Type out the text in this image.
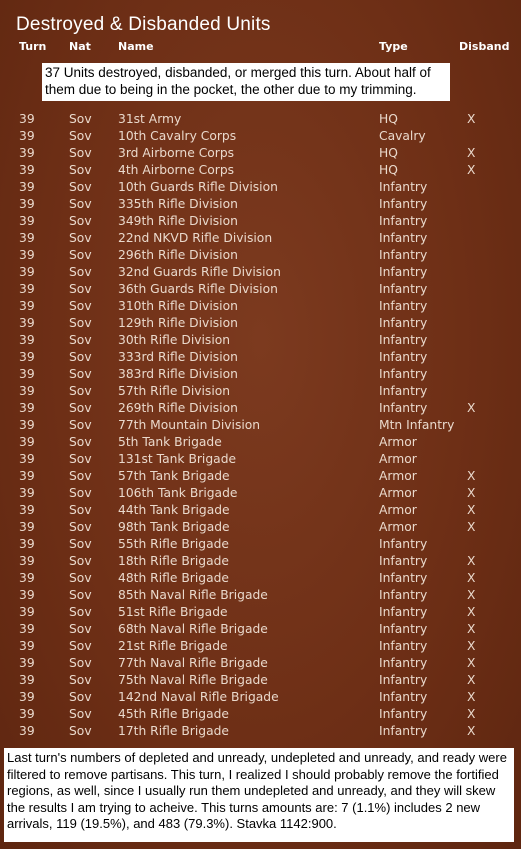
Destroyed & Disbanded Units
Turn Nat Name	Type	Disband
37 Units destroyed, disbanded, or merged this turn. About half of them due to being in the pocket, the other due to my trimming.
39	Sov 31st Army	HQ	X
39	Sov 10th Cavalry Corps	Cavalry
39	Sov 3rd Airborne Corps	HQ	X
39	Sov 4th Airborne Corps	HQ	X
39	Sov 10th Guards Rifle Division	Infantry
39	Sov 335th Rifle Division	Infantry
39	Sov 349th Rifle Division	Infantry
39	Sov 22nd NKVD Rifle Division	Infantry
39	Sov 296th Rifle Division	Infantry
39	Sov 32nd Guards Rifle Division	Infantry
39	Sov 36th Guards Rifle Division	Infantry
39	Sov 310th Rifle Division	Infantry
39	Sov 129th Rifle Division	Infantry
39	Sov 30th Rifle Division	Infantry
39	Sov 333rd Rifle Division	Infantry
39	Sov 383rd Rifle Division	Infantry
39	Sov 57th Rifle Division	Infantry
39	Sov 269th Rifle Division	Infantry	X
39	Sov 77th Mountain Division	Mtn Infantry
39	Sov 5th Tank Brigade	Armor
39	Sov 131st Tank Brigade	Armor
39	Sov 57th Tank Brigade	Armor	X
39	Sov 106th Tank Brigade	Armor	X
39	Sov 44th Tank Brigade	Armor	X
39	Sov 98th Tank Brigade	Armor	X
39	Sov 55th Rifle Brigade	Infantry
39	Sov 18th Rifle Brigade	Infantry	X
39	Sov 48th Rifle Brigade	Infantry	X
39	Sov 85th Naval Rifle Brigade	Infantry	X
39	Sov 51st Rifle Brigade	Infantry	X
39	Sov 68th Naval Rifle Brigade	Infantry	X
39	Sov 21st Rifle Brigade	Infantry	X
39	Sov 77th Naval Rifle Brigade	Infantry	X
39	Sov 75th Naval Rifle Brigade	Infantry	X
39	Sov 142nd Naval Rifle Brigade	Infantry	X
39	Sov 45th Rifle Brigade	Infantry	X
39	Sov 17th Rifle Brigade	Infantry	X
Last turn's numbers of depleted and unready, undepleted and unready, and ready were filtered to remove partisans. This turn, I realized I should probably remove the fortified regions, as well, since I usually run them undepleted and unready, and they will skew the results I am trying to acheive. This turns amounts are: 7 (1.1%) includes 2 new arrivals, 119 (19.5%), and 483 (79.3%). Stavka 1142:900.
